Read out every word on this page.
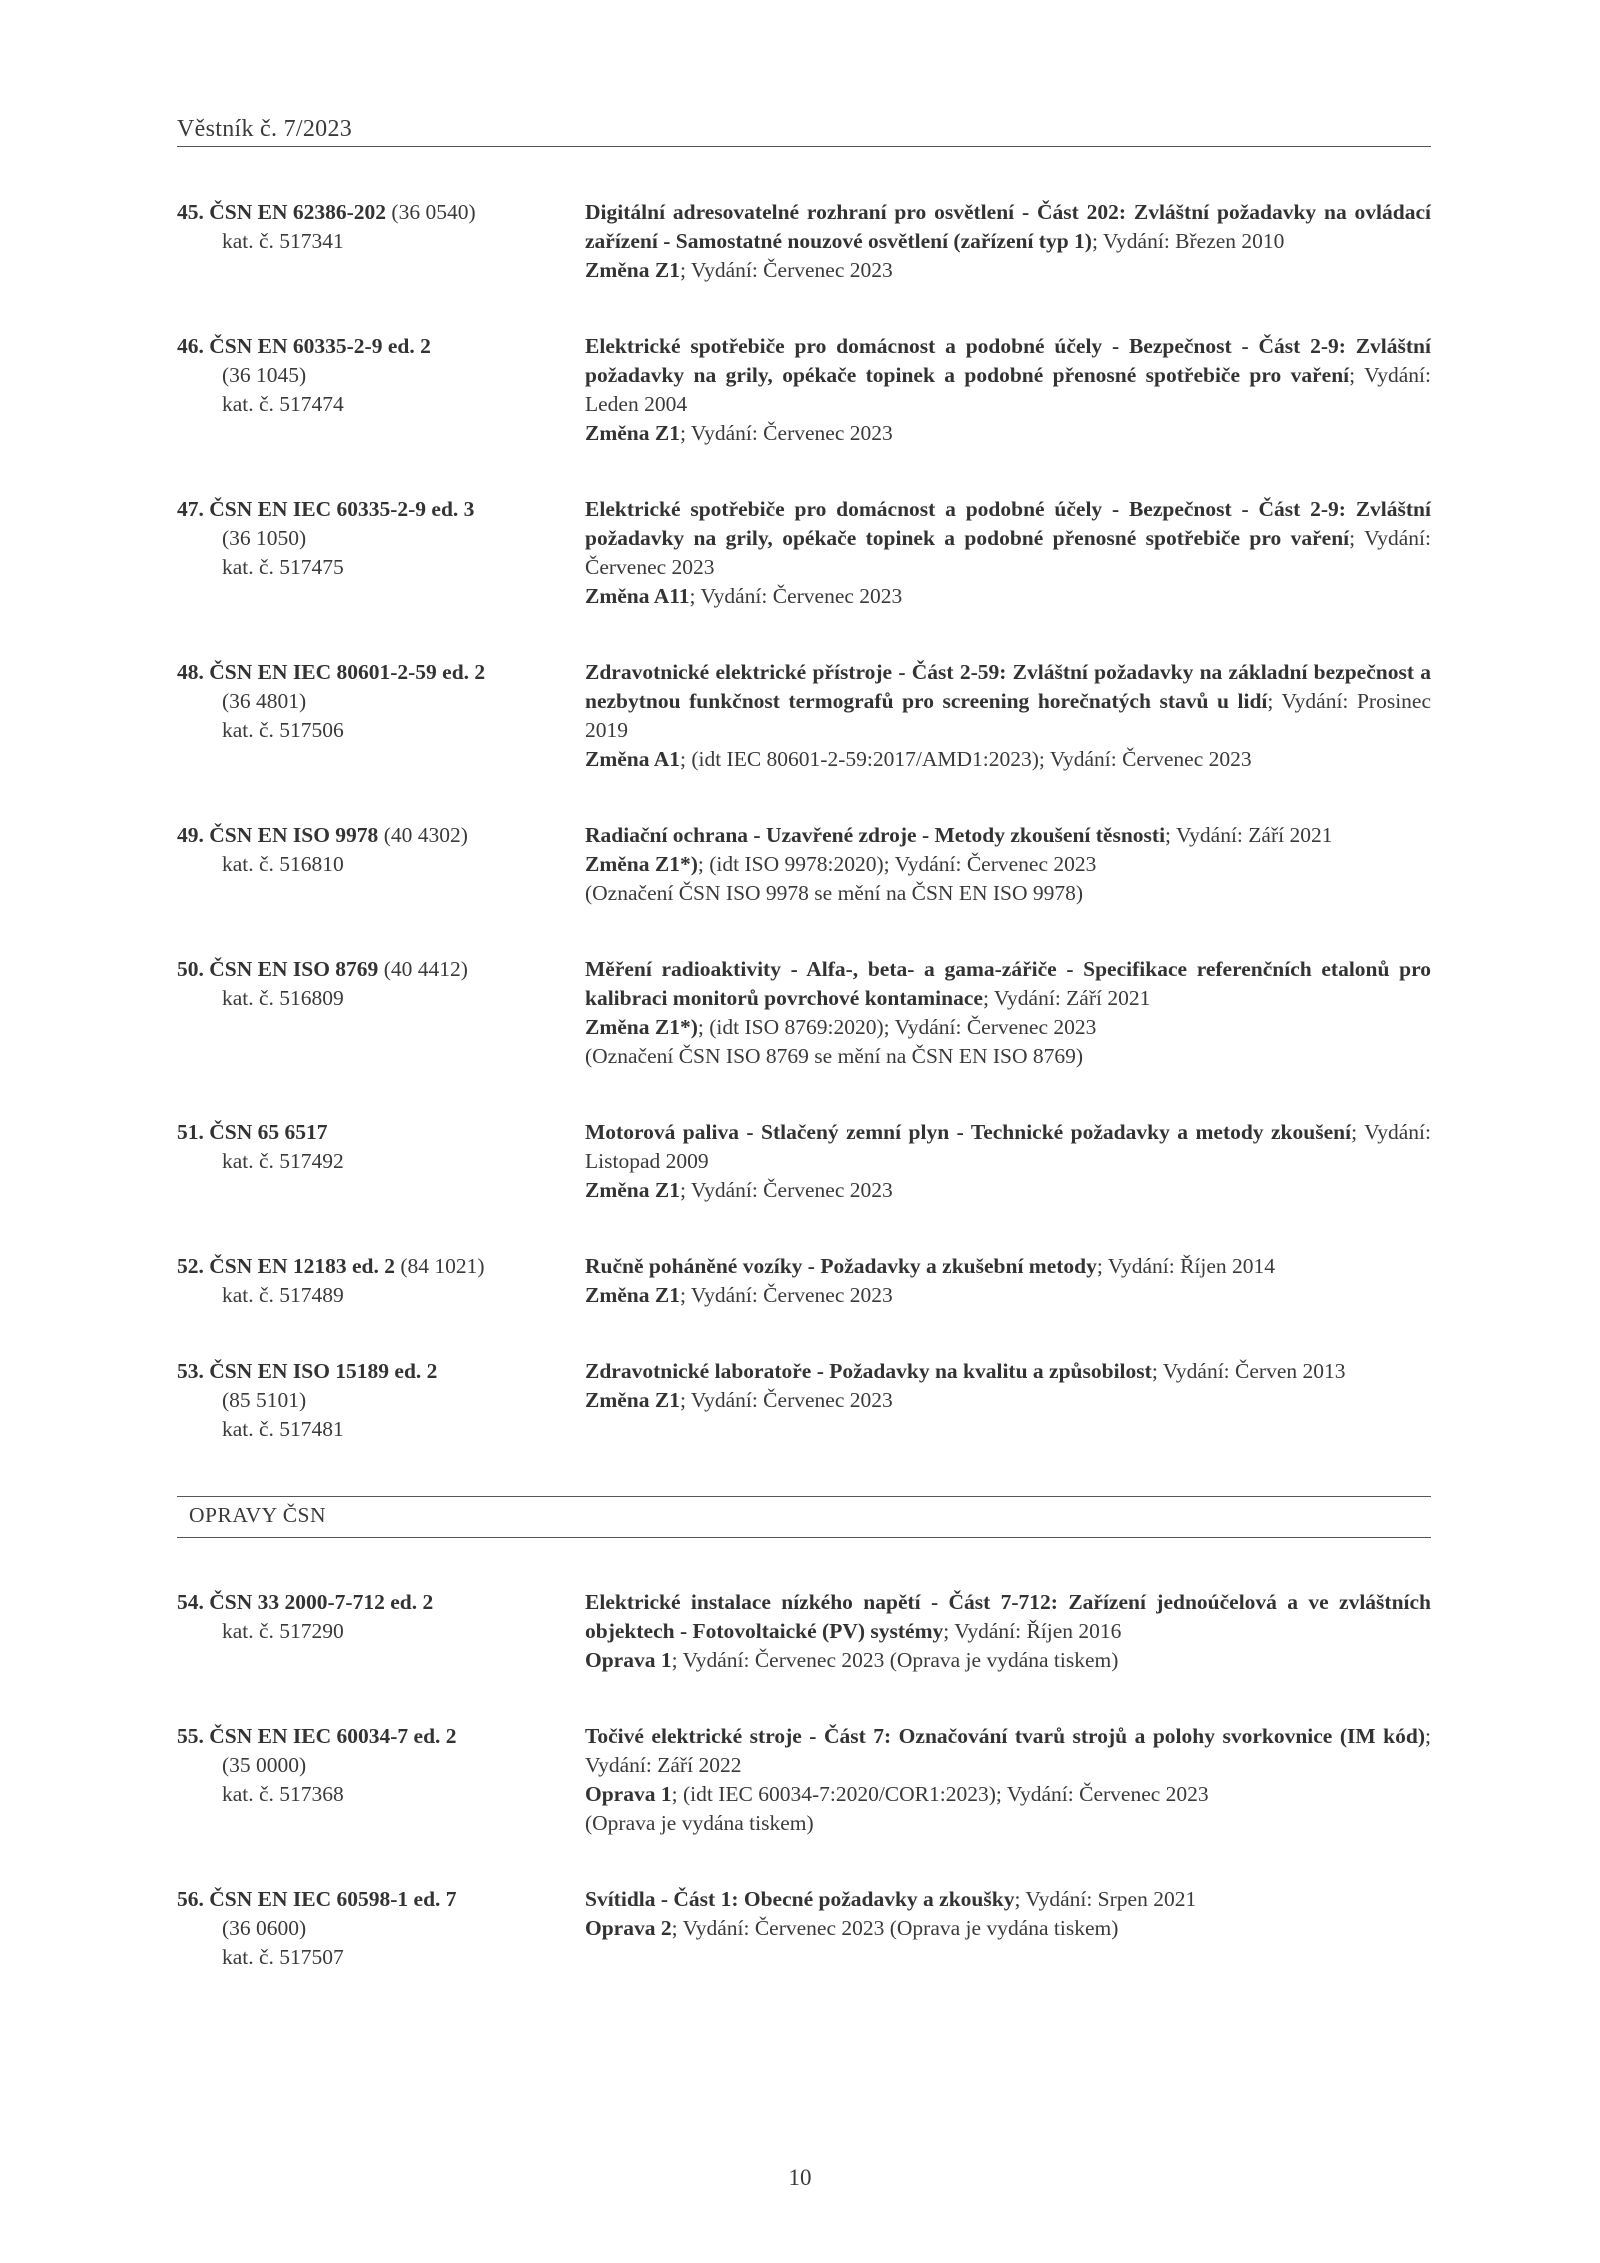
Věstník č. 7/2023
45. ČSN EN 62386-202 (36 0540)
kat. č. 517341
Digitální adresovatelné rozhraní pro osvětlení - Část 202: Zvláštní požadavky na ovládací zařízení - Samostatné nouzové osvětlení (zařízení typ 1); Vydání: Březen 2010
Změna Z1; Vydání: Červenec 2023
46. ČSN EN 60335-2-9 ed. 2
(36 1045)
kat. č. 517474
Elektrické spotřebiče pro domácnost a podobné účely - Bezpečnost - Část 2-9: Zvláštní požadavky na grily, opékače topinek a podobné přenosné spotřebiče pro vaření; Vydání: Leden 2004
Změna Z1; Vydání: Červenec 2023
47. ČSN EN IEC 60335-2-9 ed. 3
(36 1050)
kat. č. 517475
Elektrické spotřebiče pro domácnost a podobné účely - Bezpečnost - Část 2-9: Zvláštní požadavky na grily, opékače topinek a podobné přenosné spotřebiče pro vaření; Vydání: Červenec 2023
Změna A11; Vydání: Červenec 2023
48. ČSN EN IEC 80601-2-59 ed. 2
(36 4801)
kat. č. 517506
Zdravotnické elektrické přístroje - Část 2-59: Zvláštní požadavky na základní bezpečnost a nezbytnou funkčnost termografů pro screening horečnatých stavů u lidí; Vydání: Prosinec 2019
Změna A1; (idt IEC 80601-2-59:2017/AMD1:2023); Vydání: Červenec 2023
49. ČSN EN ISO 9978 (40 4302)
kat. č. 516810
Radiační ochrana - Uzavřené zdroje - Metody zkoušení těsnosti; Vydání: Září 2021
Změna Z1*); (idt ISO 9978:2020); Vydání: Červenec 2023
(Označení ČSN ISO 9978 se mění na ČSN EN ISO 9978)
50. ČSN EN ISO 8769 (40 4412)
kat. č. 516809
Měření radioaktivity - Alfa-, beta- a gama-zářiče - Specifikace referenčních etalonů pro kalibraci monitorů povrchové kontaminace; Vydání: Září 2021
Změna Z1*); (idt ISO 8769:2020); Vydání: Červenec 2023
(Označení ČSN ISO 8769 se mění na ČSN EN ISO 8769)
51. ČSN 65 6517
kat. č. 517492
Motorová paliva - Stlačený zemní plyn - Technické požadavky a metody zkoušení; Vydání: Listopad 2009
Změna Z1; Vydání: Červenec 2023
52. ČSN EN 12183 ed. 2 (84 1021)
kat. č. 517489
Ručně poháněné vozíky - Požadavky a zkušební metody; Vydání: Říjen 2014
Změna Z1; Vydání: Červenec 2023
53. ČSN EN ISO 15189 ed. 2
(85 5101)
kat. č. 517481
Zdravotnické laboratoře - Požadavky na kvalitu a způsobilost; Vydání: Červen 2013
Změna Z1; Vydání: Červenec 2023
OPRAVY ČSN
54. ČSN 33 2000-7-712 ed. 2
kat. č. 517290
Elektrické instalace nízkého napětí - Část 7-712: Zařízení jednoúčelová a ve zvláštních objektech - Fotovoltaické (PV) systémy; Vydání: Říjen 2016
Oprava 1; Vydání: Červenec 2023 (Oprava je vydána tiskem)
55. ČSN EN IEC 60034-7 ed. 2
(35 0000)
kat. č. 517368
Točivé elektrické stroje - Část 7: Označování tvarů strojů a polohy svorkovnice (IM kód); Vydání: Září 2022
Oprava 1; (idt IEC 60034-7:2020/COR1:2023); Vydání: Červenec 2023
(Oprava je vydána tiskem)
56. ČSN EN IEC 60598-1 ed. 7
(36 0600)
kat. č. 517507
Svítidla - Část 1: Obecné požadavky a zkoušky; Vydání: Srpen 2021
Oprava 2; Vydání: Červenec 2023 (Oprava je vydána tiskem)
10
